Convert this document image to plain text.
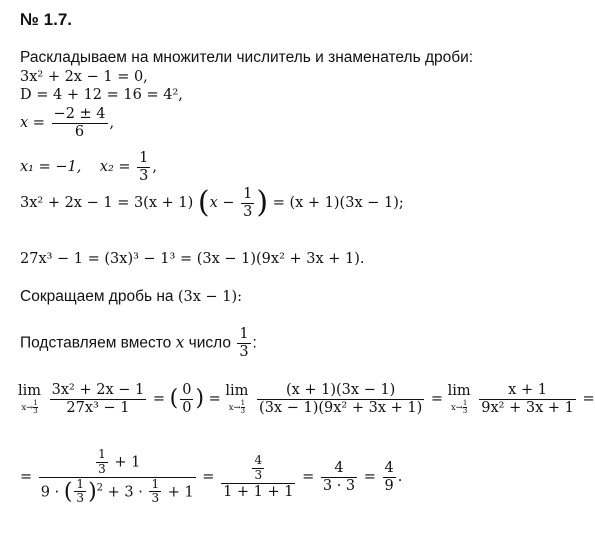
№ 1.7.
Раскладываем на множители числитель и знаменатель дроби:
3x² + 2x − 1 = 0,
D = 4 + 12 = 16 = 4²,
$x = \frac{-2 \pm 4}{6}$ ,
x₁ = −1, $x_2 = \frac{1}{3}$ ,
3x² + 2x − 1 = 3(x + 1) ($x - \frac{1}{3}$ ) = (x + 1)(3x − 1);
27x³ − 1 = (3x)³ − 1³ = (3x − 1)(9x² + 3x + 1).
Сокращаем дробь на (3x − 1):
Подставляем вместо x число $\frac{1}{3}$ :
lim
$x\to \frac{1}{3}$
$\frac{\text{3x² + 2x − 1}}{\text{27x³ − 1}}$ = ( $\frac{0}{0}$ ) =
lim
$x\to \frac{1}{3}$
$\frac{(x + 1)(3x - 1)}{\text{(3x − 1)(9x² + 3x + 1)}}$ =
lim
$x\to \frac{1}{3}$
$\frac{x + 1}{\text{9x² + 3x + 1}}$ =
= $\frac{\frac{1}{3} + 1}{9 \cdot ( \frac{1}{3} )^2 + 3 \cdot \frac{1}{3} + 1} = \frac{\frac{4}{3}}{1 + 1 + 1} = \frac{4}{3 \cdot 3} = \frac{4}{9}$ .
